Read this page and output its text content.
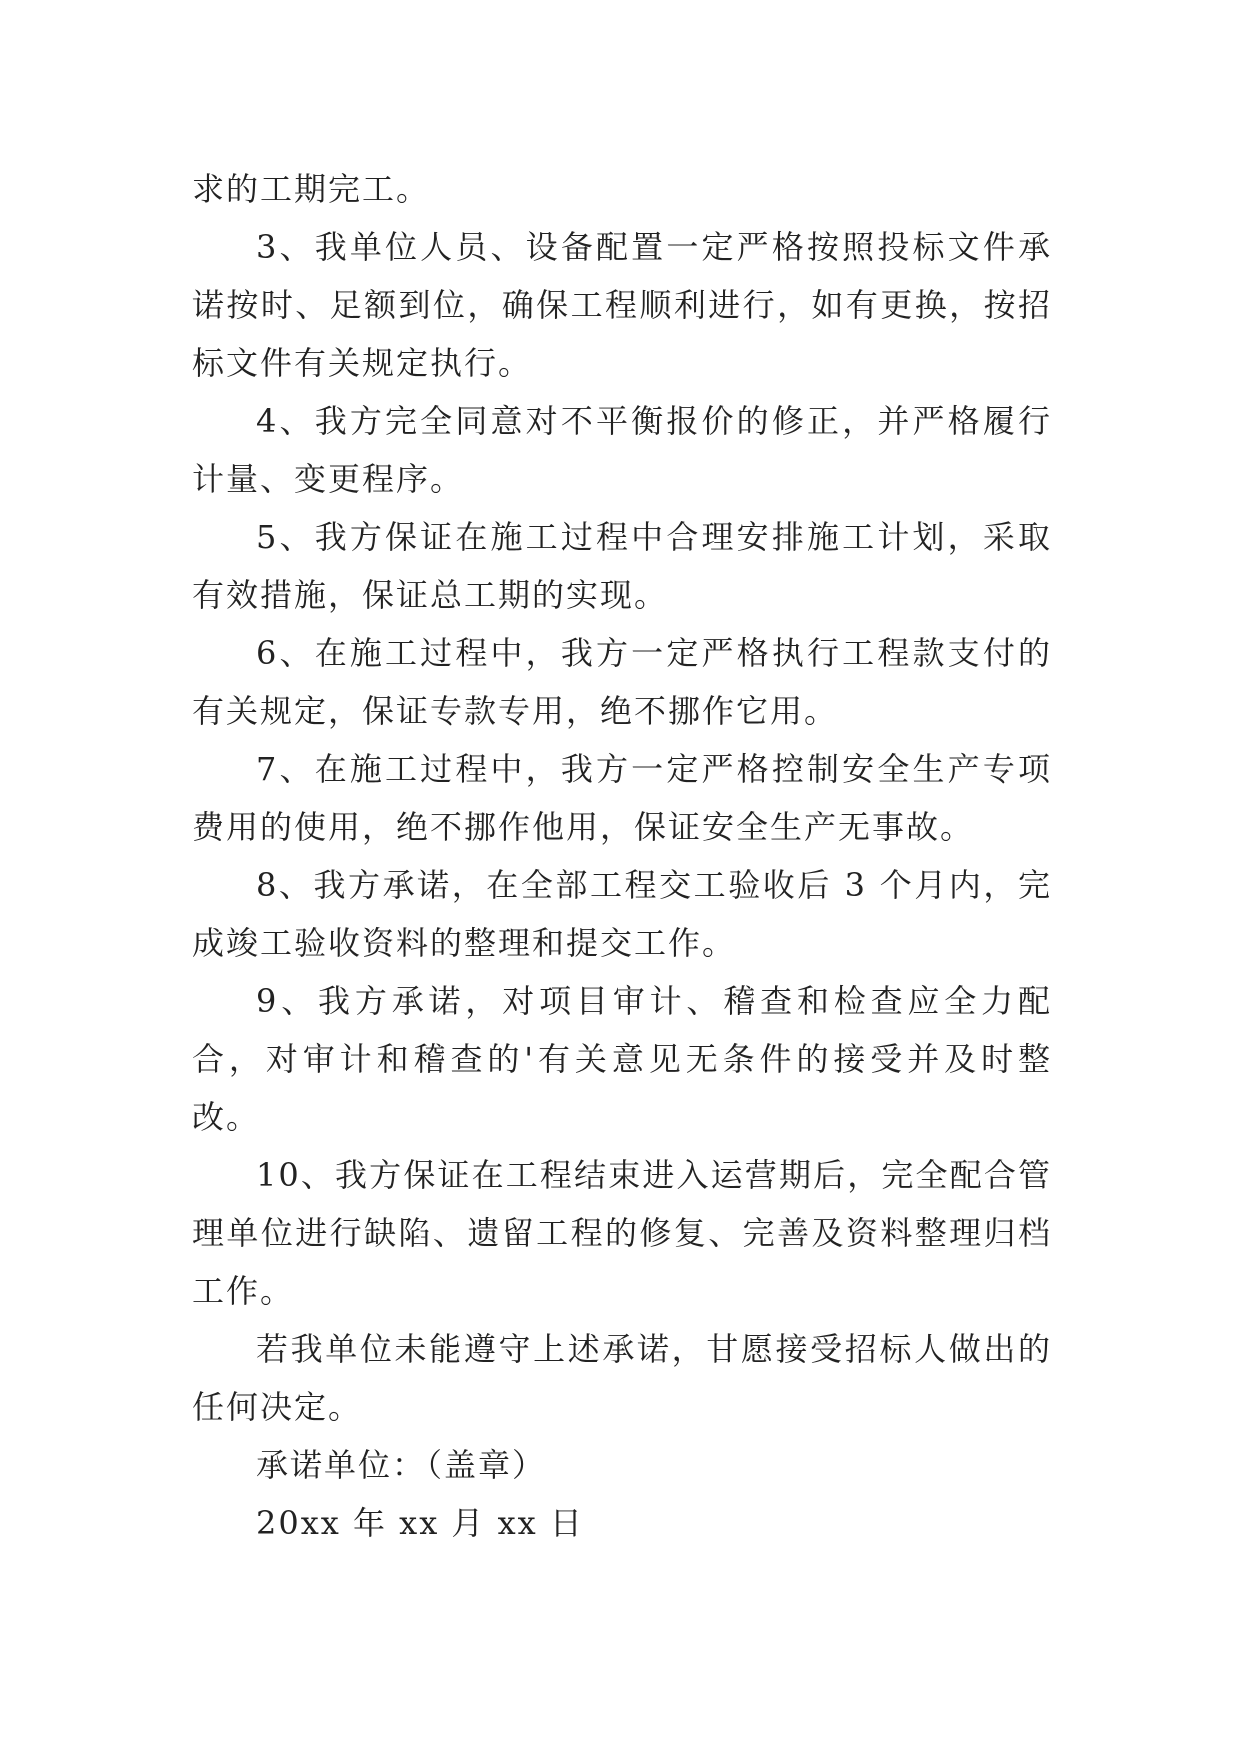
求的工期完工。

3、我单位人员、设备配置一定严格按照投标文件承诺按时、足额到位，确保工程顺利进行，如有更换，按招标文件有关规定执行。

4、我方完全同意对不平衡报价的修正，并严格履行计量、变更程序。

5、我方保证在施工过程中合理安排施工计划，采取有效措施，保证总工期的实现。

6、在施工过程中，我方一定严格执行工程款支付的有关规定，保证专款专用，绝不挪作它用。

7、在施工过程中，我方一定严格控制安全生产专项费用的使用，绝不挪作他用，保证安全生产无事故。

8、我方承诺，在全部工程交工验收后 3 个月内，完成竣工验收资料的整理和提交工作。

9、我方承诺，对项目审计、稽查和检查应全力配合，对审计和稽查的'有关意见无条件的接受并及时整改。

10、我方保证在工程结束进入运营期后，完全配合管理单位进行缺陷、遗留工程的修复、完善及资料整理归档工作。

若我单位未能遵守上述承诺，甘愿接受招标人做出的任何决定。

承诺单位：（盖章）

20xx 年 xx 月 xx 日
